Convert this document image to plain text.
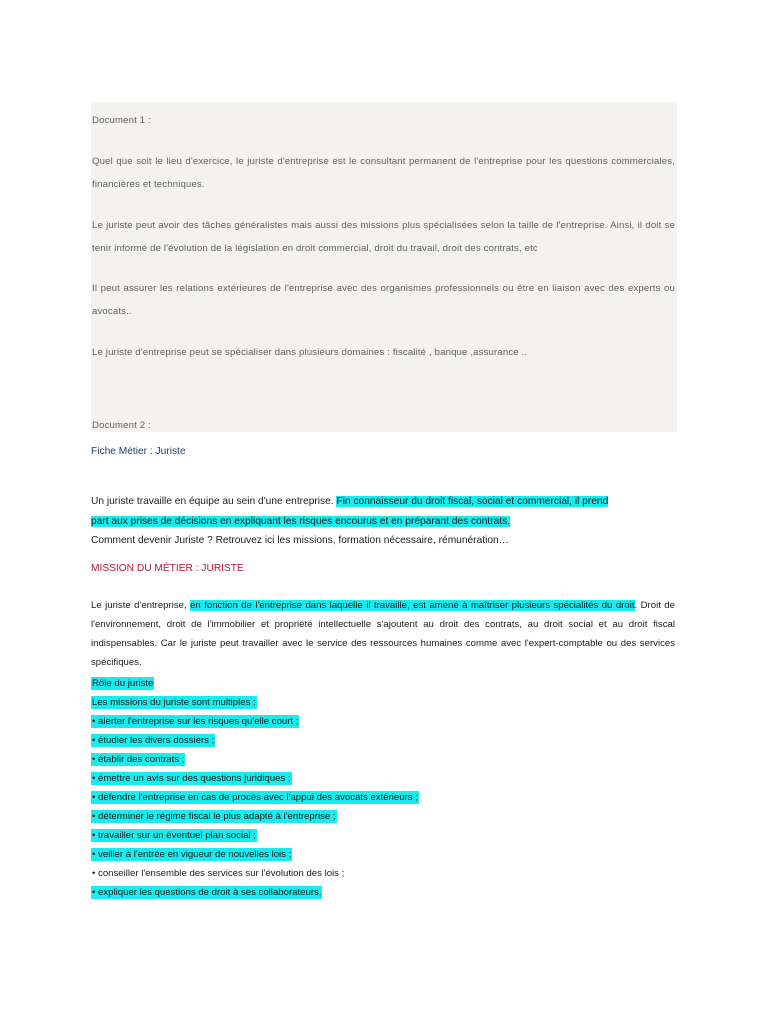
Document 1 :
Quel que soit le lieu d'exercice, le juriste d'entreprise est le consultant permanent de l'entreprise pour les questions commerciales, financières et techniques.
Le juriste peut avoir des tâches généralistes mais aussi des missions plus spécialisées selon la taille de l'entreprise. Ainsi, il doit se tenir informé de l'évolution de la législation en droit commercial, droit du travail, droit des contrats, etc
Il peut assurer les relations extérieures de l'entreprise avec des organismes professionnels ou être en liaison avec des experts ou avocats..
Le juriste d'entreprise peut se spécialiser dans plusieurs domaines : fiscalité , banque ,assurance ..
Document 2 :
Fiche Métier : Juriste
Un juriste travaille en équipe au sein d'une entreprise. Fin connaisseur du droit fiscal, social et commercial, il prend
part aux prises de décisions en expliquant les risques encourus et en préparant des contrats.
Comment devenir Juriste ? Retrouvez ici les missions, formation nécessaire, rémunération…
MISSION DU MÉTIER : JURISTE
Le juriste d'entreprise, en fonction de l'entreprise dans laquelle il travaille, est amené à maîtriser plusieurs spécialités du droit. Droit de l'environnement, droit de l'immobilier et propriété intellectuelle s'ajoutent au droit des contrats, au droit social et au droit fiscal indispensables. Car le juriste peut travailler avec le service des ressources humaines comme avec l'expert-comptable ou des services spécifiques.
Rôle du juriste
Les missions du juriste sont multiples :
• alerter l'entreprise sur les risques qu'elle court ;
• étudier les divers dossiers ;
• établir des contrats ;
• émettre un avis sur des questions juridiques ;
• défendre l'entreprise en cas de procès avec l'appui des avocats extérieurs ;
• déterminer le régime fiscal le plus adapté à l'entreprise ;
• travailler sur un éventuel plan social ;
• veiller à l'entrée en vigueur de nouvelles lois ;
• conseiller l'ensemble des services sur l'évolution des lois ;
• expliquer les questions de droit à ses collaborateurs.
